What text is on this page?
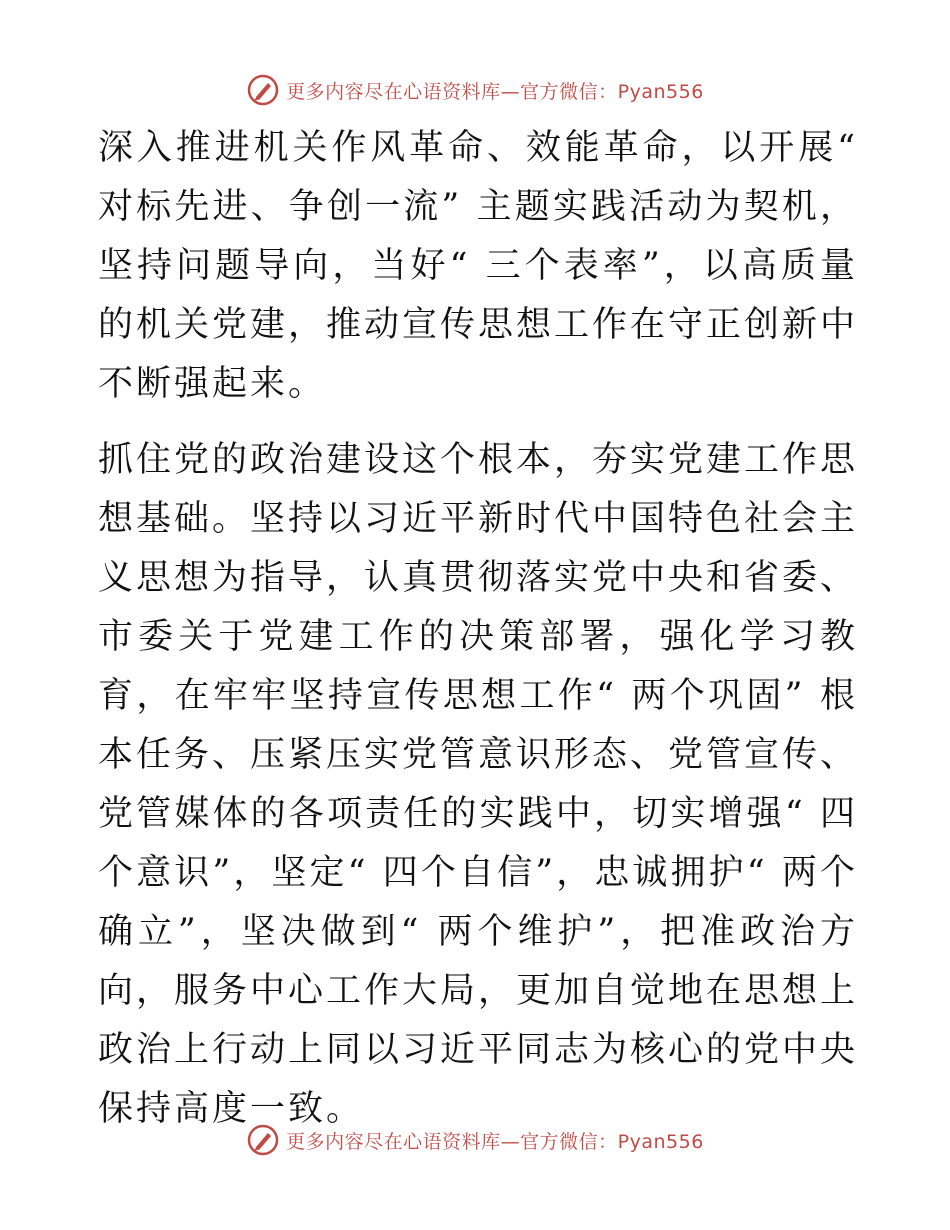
更多内容尽在心语资料库—官方微信：Pyan556

深入推进机关作风革命、效能革命，以开展“ 对标先进、争创一流” 主题实践活动为契机，坚持问题导向，当好“ 三个表率”，以高质量的机关党建，推动宣传思想工作在守正创新中不断强起来。

抓住党的政治建设这个根本，夯实党建工作思想基础。坚持以习近平新时代中国特色社会主义思想为指导，认真贯彻落实党中央和省委、市委关于党建工作的决策部署，强化学习教育，在牢牢坚持宣传思想工作“ 两个巩固” 根本任务、压紧压实党管意识形态、党管宣传、党管媒体的各项责任的实践中，切实增强“ 四个意识”，坚定“ 四个自信”，忠诚拥护“ 两个确立”，坚决做到“ 两个维护”，把准政治方向，服务中心工作大局，更加自觉地在思想上政治上行动上同以习近平同志为核心的党中央保持高度一致。

更多内容尽在心语资料库—官方微信：Pyan556
